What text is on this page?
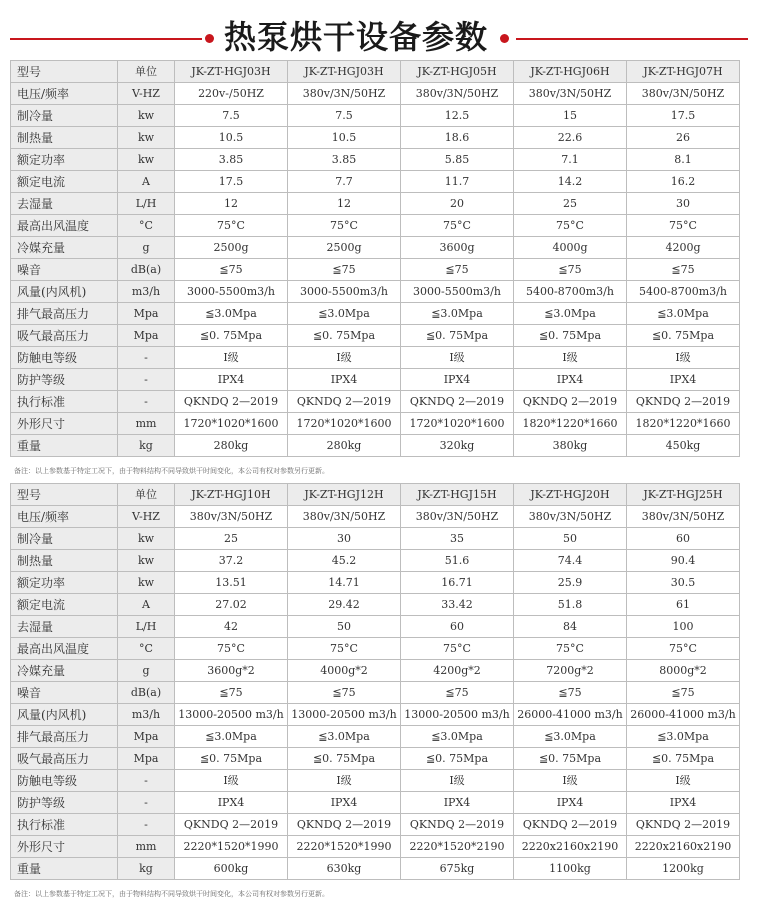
热泵烘干设备参数
型号	单位	JK-ZT-HGJ03H	JK-ZT-HGJ03H	JK-ZT-HGJ05H	JK-ZT-HGJ06H	JK-ZT-HGJ07H
电压/频率	V-HZ	220v-/50HZ	380v/3N/50HZ	380v/3N/50HZ	380v/3N/50HZ	380v/3N/50HZ
制冷量	kw	7.5	7.5	12.5	15	17.5
制热量	kw	10.5	10.5	18.6	22.6	26
额定功率	kw	3.85	3.85	5.85	7.1	8.1
额定电流	A	17.5	7.7	11.7	14.2	16.2
去湿量	L/H	12	12	20	25	30
最高出风温度	°C	75°C	75°C	75°C	75°C	75°C
冷媒充量	g	2500g	2500g	3600g	4000g	4200g
噪音	dB(a)	≦75	≦75	≦75	≦75	≦75
风量(内风机)	m3/h	3000-5500m3/h	3000-5500m3/h	3000-5500m3/h	5400-8700m3/h	5400-8700m3/h
排气最高压力	Mpa	≦3.0Mpa	≦3.0Mpa	≦3.0Mpa	≦3.0Mpa	≦3.0Mpa
吸气最高压力	Mpa	≦0. 75Mpa	≦0. 75Mpa	≦0. 75Mpa	≦0. 75Mpa	≦0. 75Mpa
防触电等级	-	I级	I级	I级	I级	I级
防护等级	-	IPX4	IPX4	IPX4	IPX4	IPX4
执行标准	-	QKNDQ 2—2019	QKNDQ 2—2019	QKNDQ 2—2019	QKNDQ 2—2019	QKNDQ 2—2019
外形尺寸	mm	1720*1020*1600	1720*1020*1600	1720*1020*1600	1820*1220*1660	1820*1220*1660
重量	kg	280kg	280kg	320kg	380kg	450kg
备注：以上参数基于特定工况下，由于物料结构不同导致烘干时间变化，本公司有权对参数另行更新。
型号	单位	JK-ZT-HGJ10H	JK-ZT-HGJ12H	JK-ZT-HGJ15H	JK-ZT-HGJ20H	JK-ZT-HGJ25H
电压/频率	V-HZ	380v/3N/50HZ	380v/3N/50HZ	380v/3N/50HZ	380v/3N/50HZ	380v/3N/50HZ
制冷量	kw	25	30	35	50	60
制热量	kw	37.2	45.2	51.6	74.4	90.4
额定功率	kw	13.51	14.71	16.71	25.9	30.5
额定电流	A	27.02	29.42	33.42	51.8	61
去湿量	L/H	42	50	60	84	100
最高出风温度	°C	75°C	75°C	75°C	75°C	75°C
冷媒充量	g	3600g*2	4000g*2	4200g*2	7200g*2	8000g*2
噪音	dB(a)	≦75	≦75	≦75	≦75	≦75
风量(内风机)	m3/h	13000-20500 m3/h	13000-20500 m3/h	13000-20500 m3/h	26000-41000 m3/h	26000-41000 m3/h
排气最高压力	Mpa	≦3.0Mpa	≦3.0Mpa	≦3.0Mpa	≦3.0Mpa	≦3.0Mpa
吸气最高压力	Mpa	≦0. 75Mpa	≦0. 75Mpa	≦0. 75Mpa	≦0. 75Mpa	≦0. 75Mpa
防触电等级	-	I级	I级	I级	I级	I级
防护等级	-	IPX4	IPX4	IPX4	IPX4	IPX4
执行标准	-	QKNDQ 2—2019	QKNDQ 2—2019	QKNDQ 2—2019	QKNDQ 2—2019	QKNDQ 2—2019
外形尺寸	mm	2220*1520*1990	2220*1520*1990	2220*1520*2190	2220x2160x2190	2220x2160x2190
重量	kg	600kg	630kg	675kg	1100kg	1200kg
备注：以上参数基于特定工况下，由于物料结构不同导致烘干时间变化，本公司有权对参数另行更新。
